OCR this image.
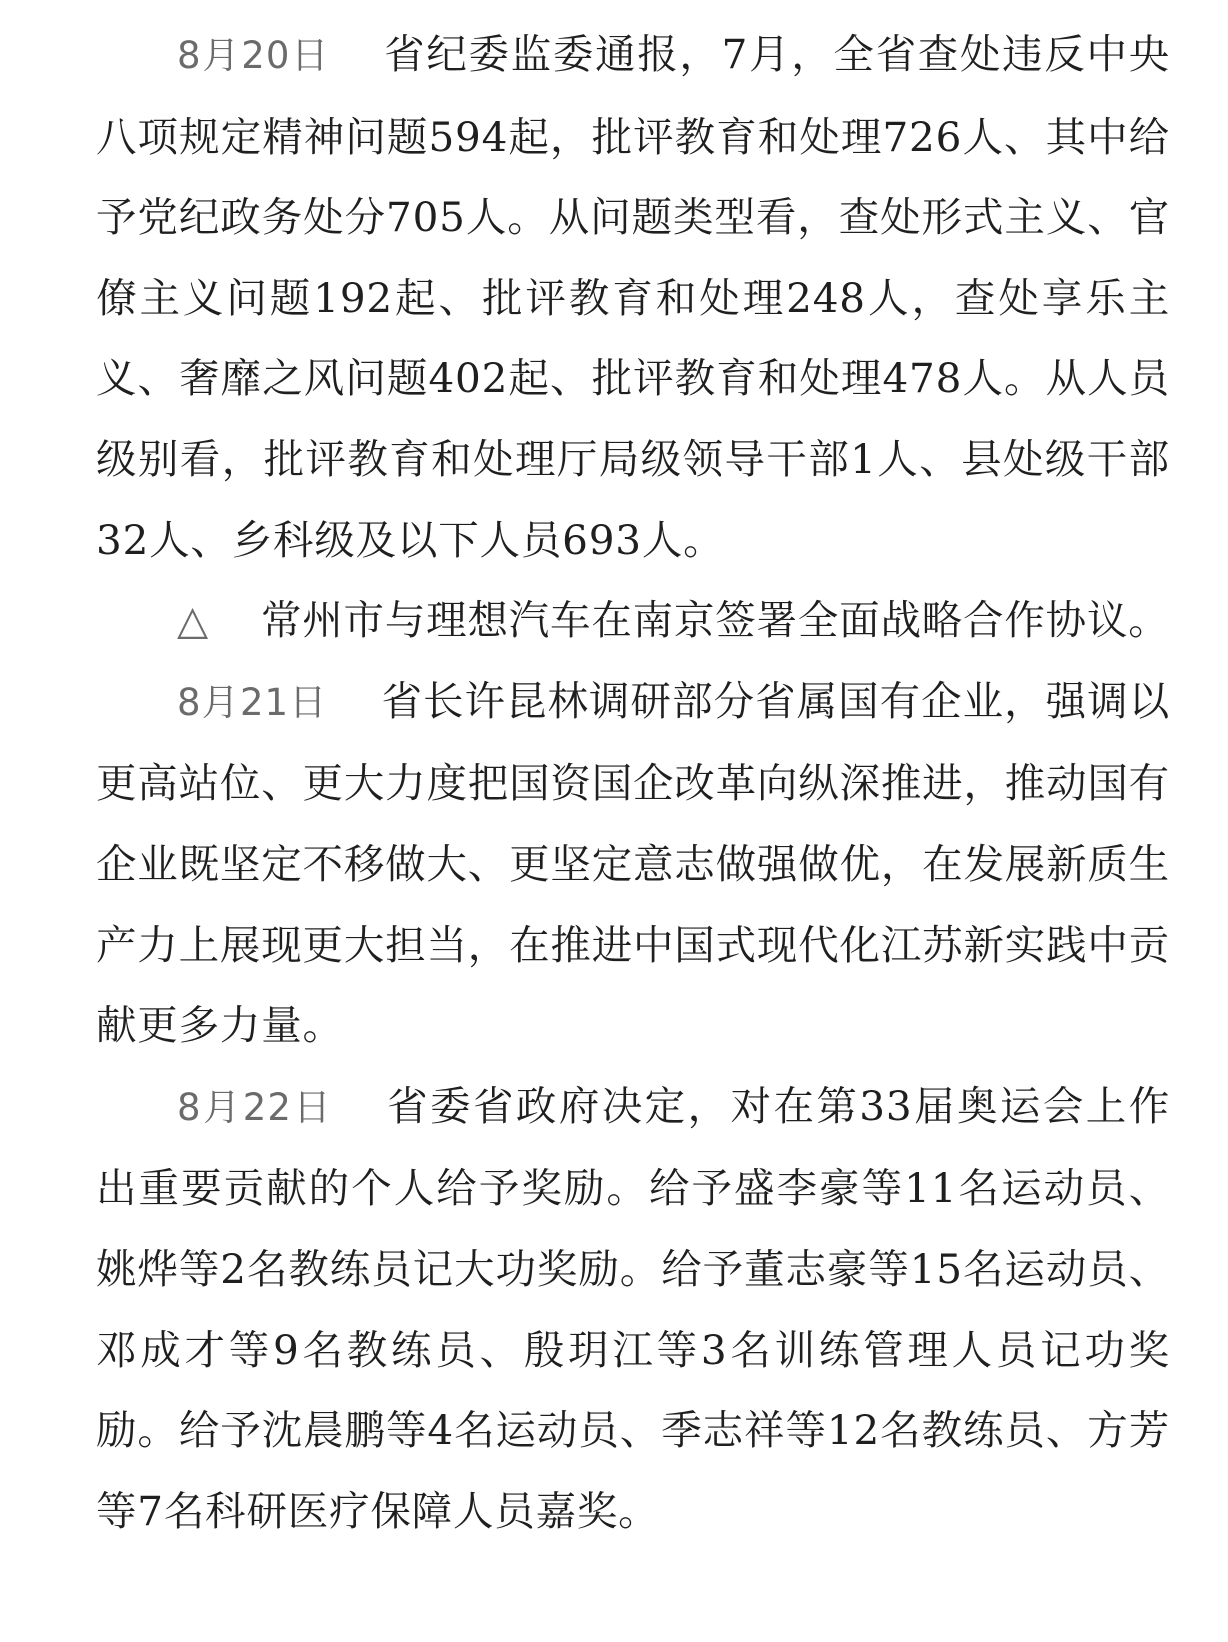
8月20日 省纪委监委通报，7月，全省查处违反中央八项规定精神问题594起，批评教育和处理726人、其中给予党纪政务处分705人。从问题类型看，查处形式主义、官僚主义问题192起、批评教育和处理248人，查处享乐主义、奢靡之风问题402起、批评教育和处理478人。从人员级别看，批评教育和处理厅局级领导干部1人、县处级干部32人、乡科级及以下人员693人。

△ 常州市与理想汽车在南京签署全面战略合作协议。

8月21日 省长许昆林调研部分省属国有企业，强调以更高站位、更大力度把国资国企改革向纵深推进，推动国有企业既坚定不移做大、更坚定意志做强做优，在发展新质生产力上展现更大担当，在推进中国式现代化江苏新实践中贡献更多力量。

8月22日 省委省政府决定，对在第33届奥运会上作出重要贡献的个人给予奖励。给予盛李豪等11名运动员、姚烨等2名教练员记大功奖励。给予董志豪等15名运动员、邓成才等9名教练员、殷玥江等3名训练管理人员记功奖励。给予沈晨鹏等4名运动员、季志祥等12名教练员、方芳等7名科研医疗保障人员嘉奖。
